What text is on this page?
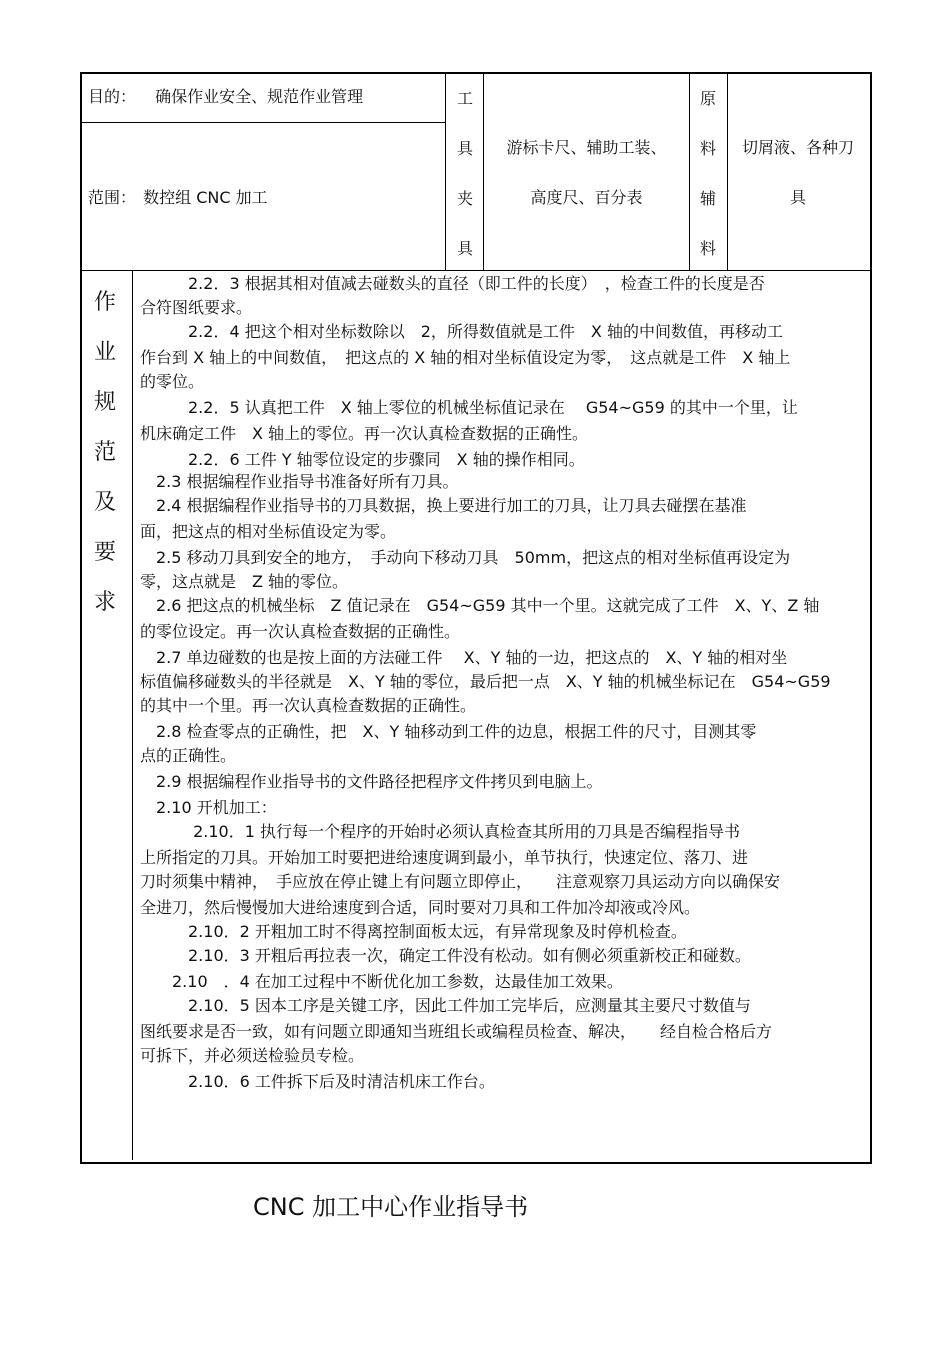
目的： 确保作业安全、规范作业管理
范围： 数控组 CNC 加工
工
具
夹
具
游标卡尺、辅助工装、
高度尺、百分表
原
料
辅
料
切屑液、各种刀
具
作
业
规
范
及
要
求
　　　2.2．3 根据其相对值减去碰数头的直径（即工件的长度）　，检查工件的长度是否
合符图纸要求。
　　　2.2．4 把这个相对坐标数除以　2，所得数值就是工件　X 轴的中间数值，再移动工
作台到 X 轴上的中间数值，　把这点的 X 轴的相对坐标值设定为零，　这点就是工件　X 轴上
的零位。
　　　2.2．5 认真把工件　X 轴上零位的机械坐标值记录在　 G54~G59 的其中一个里，让
机床确定工件　X 轴上的零位。再一次认真检查数据的正确性。
　　　2.2．6 工件 Y 轴零位设定的步骤同　X 轴的操作相同。
　2.3 根据编程作业指导书准备好所有刀具。
　2.4 根据编程作业指导书的刀具数据，换上要进行加工的刀具，让刀具去碰摆在基准
面，把这点的相对坐标值设定为零。
　2.5 移动刀具到安全的地方，　手动向下移动刀具　50mm，把这点的相对坐标值再设定为
零，这点就是　Z 轴的零位。
　2.6 把这点的机械坐标　Z 值记录在　G54~G59 其中一个里。这就完成了工件　X、Y、Z 轴
的零位设定。再一次认真检查数据的正确性。
　2.7 单边碰数的也是按上面的方法碰工件　 X、Y 轴的一边，把这点的　X、Y 轴的相对坐
标值偏移碰数头的半径就是　X、Y 轴的零位，最后把一点　X、Y 轴的机械坐标记在　G54~G59
的其中一个里。再一次认真检查数据的正确性。
　2.8 检查零点的正确性，把　X、Y 轴移动到工件的边息，根据工件的尺寸，目测其零
点的正确性。
　2.9 根据编程作业指导书的文件路径把程序文件拷贝到电脑上。
　2.10 开机加工：
　　　 2.10．1 执行每一个程序的开始时必须认真检查其所用的刀具是否编程指导书
上所指定的刀具。开始加工时要把进给速度调到最小，单节执行，快速定位、落刀、进
刀时须集中精神，　手应放在停止键上有问题立即停止，　　注意观察刀具运动方向以确保安
全进刀，然后慢慢加大进给速度到合适，同时要对刀具和工件加冷却液或冷风。
　　　2.10．2 开粗加工时不得离控制面板太远，有异常现象及时停机检查。
　　　2.10．3 开粗后再拉表一次，确定工件没有松动。如有侧必须重新校正和碰数。
　　2.10　．4 在加工过程中不断优化加工参数，达最佳加工效果。
　　　2.10．5 因本工序是关键工序，因此工件加工完毕后，应测量其主要尺寸数值与
图纸要求是否一致，如有问题立即通知当班组长或编程员检查、解决，　　经自检合格后方
可拆下，并必须送检验员专检。
　　　2.10．6 工件拆下后及时清洁机床工作台。
CNC 加工中心作业指导书
